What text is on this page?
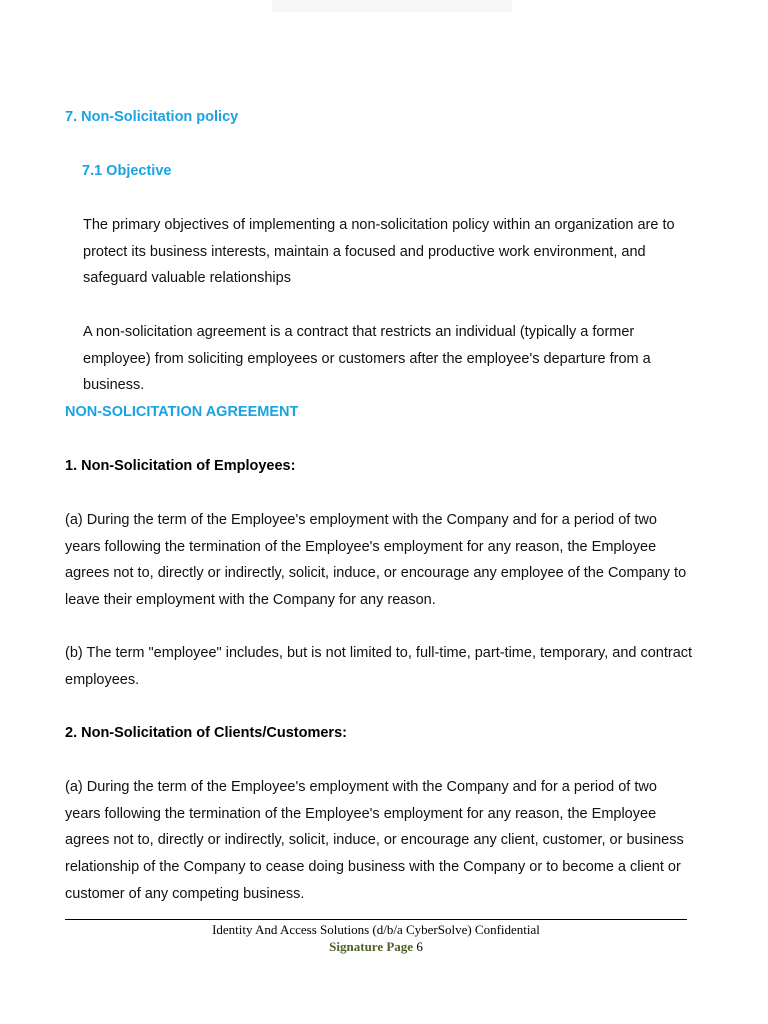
7. Non-Solicitation policy
7.1 Objective

The primary objectives of implementing a non-solicitation policy within an organization are to protect its business interests, maintain a focused and productive work environment, and safeguard valuable relationships

A non-solicitation agreement is a contract that restricts an individual (typically a former employee) from soliciting employees or customers after the employee's departure from a business.

NON-SOLICITATION AGREEMENT
1. Non-Solicitation of Employees:

(a) During the term of the Employee's employment with the Company and for a period of two years following the termination of the Employee's employment for any reason, the Employee agrees not to, directly or indirectly, solicit, induce, or encourage any employee of the Company to leave their employment with the Company for any reason.

(b) The term "employee" includes, but is not limited to, full-time, part-time, temporary, and contract employees.

2. Non-Solicitation of Clients/Customers:

(a) During the term of the Employee's employment with the Company and for a period of two years following the termination of the Employee's employment for any reason, the Employee agrees not to, directly or indirectly, solicit, induce, or encourage any client, customer, or business relationship of the Company to cease doing business with the Company or to become a client or customer of any competing business.

Identity And Access Solutions (d/b/a CyberSolve) Confidential
Signature Page 6
